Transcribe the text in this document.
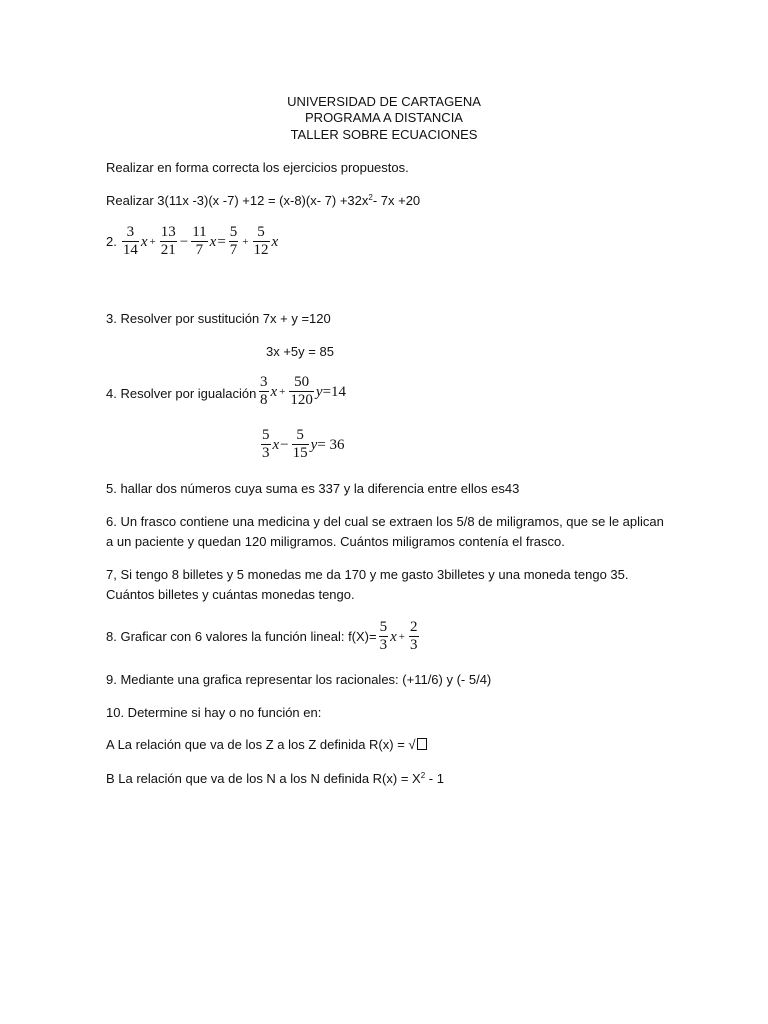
UNIVERSIDAD DE CARTAGENA
PROGRAMA A DISTANCIA
TALLER SOBRE ECUACIONES
Realizar en forma correcta los ejercicios propuestos.
Realizar 3(11x -3)(x -7) +12 = (x-8)(x- $7) +32x^2-$ 7x +20
2. $\frac{3}{14}$ $x + \frac{13}{21} - \frac{11}{7}$ $x = \frac{5}{7} + \frac{5}{12}$ x
3. Resolver por sustitución 7x + y =120
3x +5y = 85
4. Resolver por igualación $\frac{3}{8}$ $x + \frac{50}{120}$ y =14
$\frac{5}{3}$ $x - \frac{5}{15}$ y = 36
5. hallar dos números cuya suma es 337 y la diferencia entre ellos es43
6. Un frasco contiene una medicina y del cual se extraen los 5/8 de miligramos, que se le aplican a un paciente y quedan 120 miligramos. Cuántos miligramos contenía el frasco.
7, Si tengo 8 billetes y 5 monedas me da 170 y me gasto 3billetes y una moneda tengo 35. Cuántos billetes y cuántas monedas tengo.
8. Graficar con 6 valores la función lineal: $f(X)= \frac{5}{3}$ $x + \frac{2}{3}$
9. Mediante una grafica representar los racionales: (+11/6) y (- 5/4)
10. Determine si hay o no función en:
A La relación que va de los Z a los Z definida R(x) = √
B La relación que va de los N a los N definida $R(x) = X^2 - 1$
